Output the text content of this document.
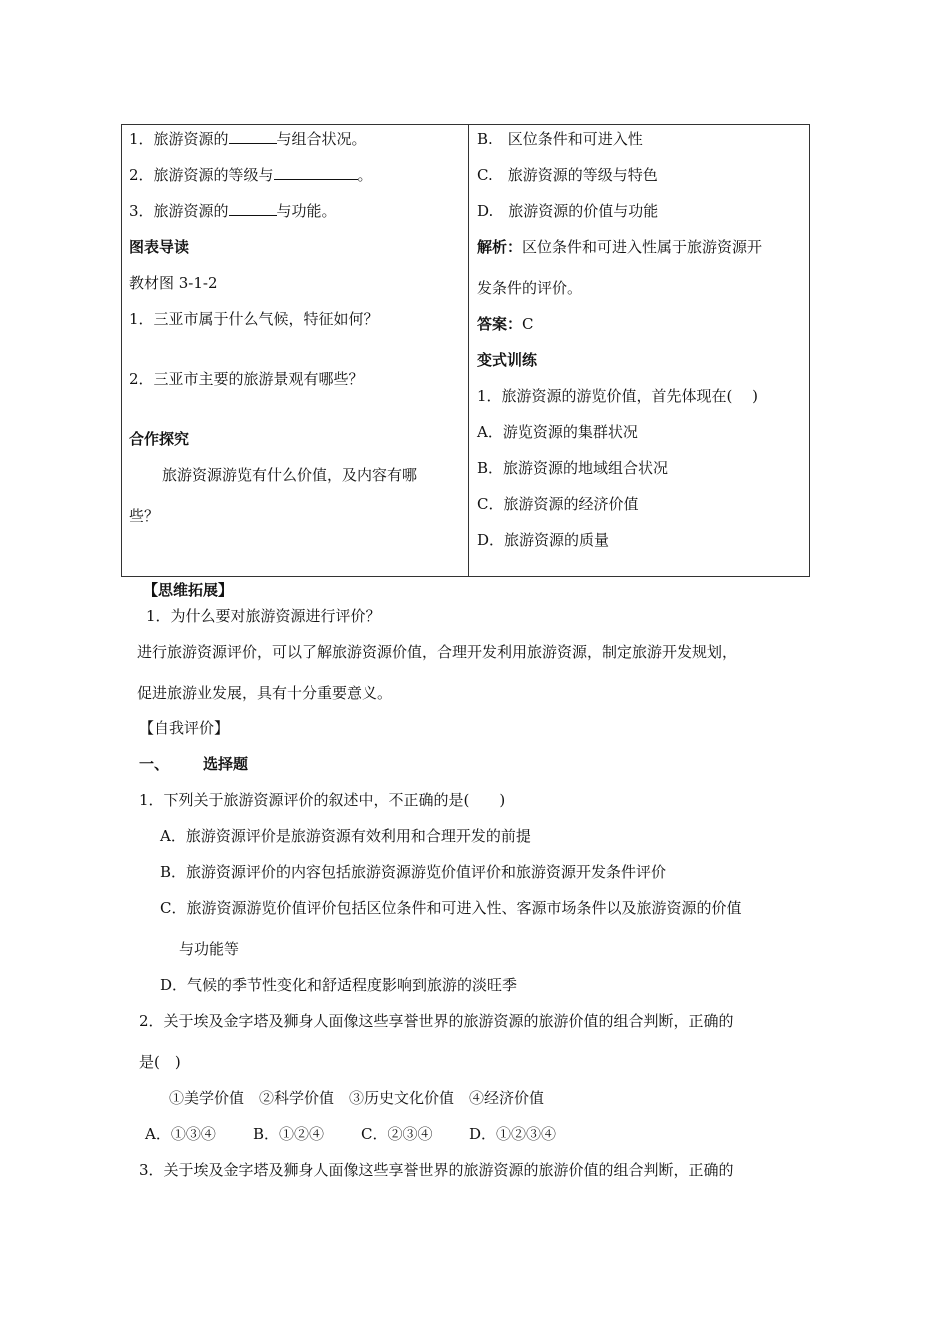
1．旅游资源的	与组合状况。
2．旅游资源的等级与	。
3．旅游资源的	与功能。
图表导读
教材图 3-1-2
1．三亚市属于什么气候，特征如何？
2．三亚市主要的旅游景观有哪些？
合作探究
旅游资源游览有什么价值，及内容有哪
些？

B.　区位条件和可进入性
C.　旅游资源的等级与特色
D.　旅游资源的价值与功能
解析：区位条件和可进入性属于旅游资源开
发条件的评价。
答案：C
变式训练
1．旅游资源的游览价值，首先体现在(　 )
A．游览资源的集群状况
B．旅游资源的地域组合状况
C．旅游资源的经济价值
D．旅游资源的质量
【思维拓展】
1．为什么要对旅游资源进行评价？
进行旅游资源评价，可以了解旅游资源价值，合理开发利用旅游资源，制定旅游开发规划，
促进旅游业发展，具有十分重要意义。
【自我评价】
一、 选择题
1．下列关于旅游资源评价的叙述中，不正确的是(　　)
A．旅游资源评价是旅游资源有效利用和合理开发的前提
B．旅游资源评价的内容包括旅游资源游览价值评价和旅游资源开发条件评价
C．旅游资源游览价值评价包括区位条件和可进入性、客源市场条件以及旅游资源的价值
与功能等
D．气候的季节性变化和舒适程度影响到旅游的淡旺季
2．关于埃及金字塔及狮身人面像这些享誉世界的旅游资源的旅游价值的组合判断，正确的
是(　)
①美学价值　②科学价值　③历史文化价值　④经济价值
A．①③④ B．①②④ C．②③④ D．①②③④
3．关于埃及金字塔及狮身人面像这些享誉世界的旅游资源的旅游价值的组合判断，正确的
